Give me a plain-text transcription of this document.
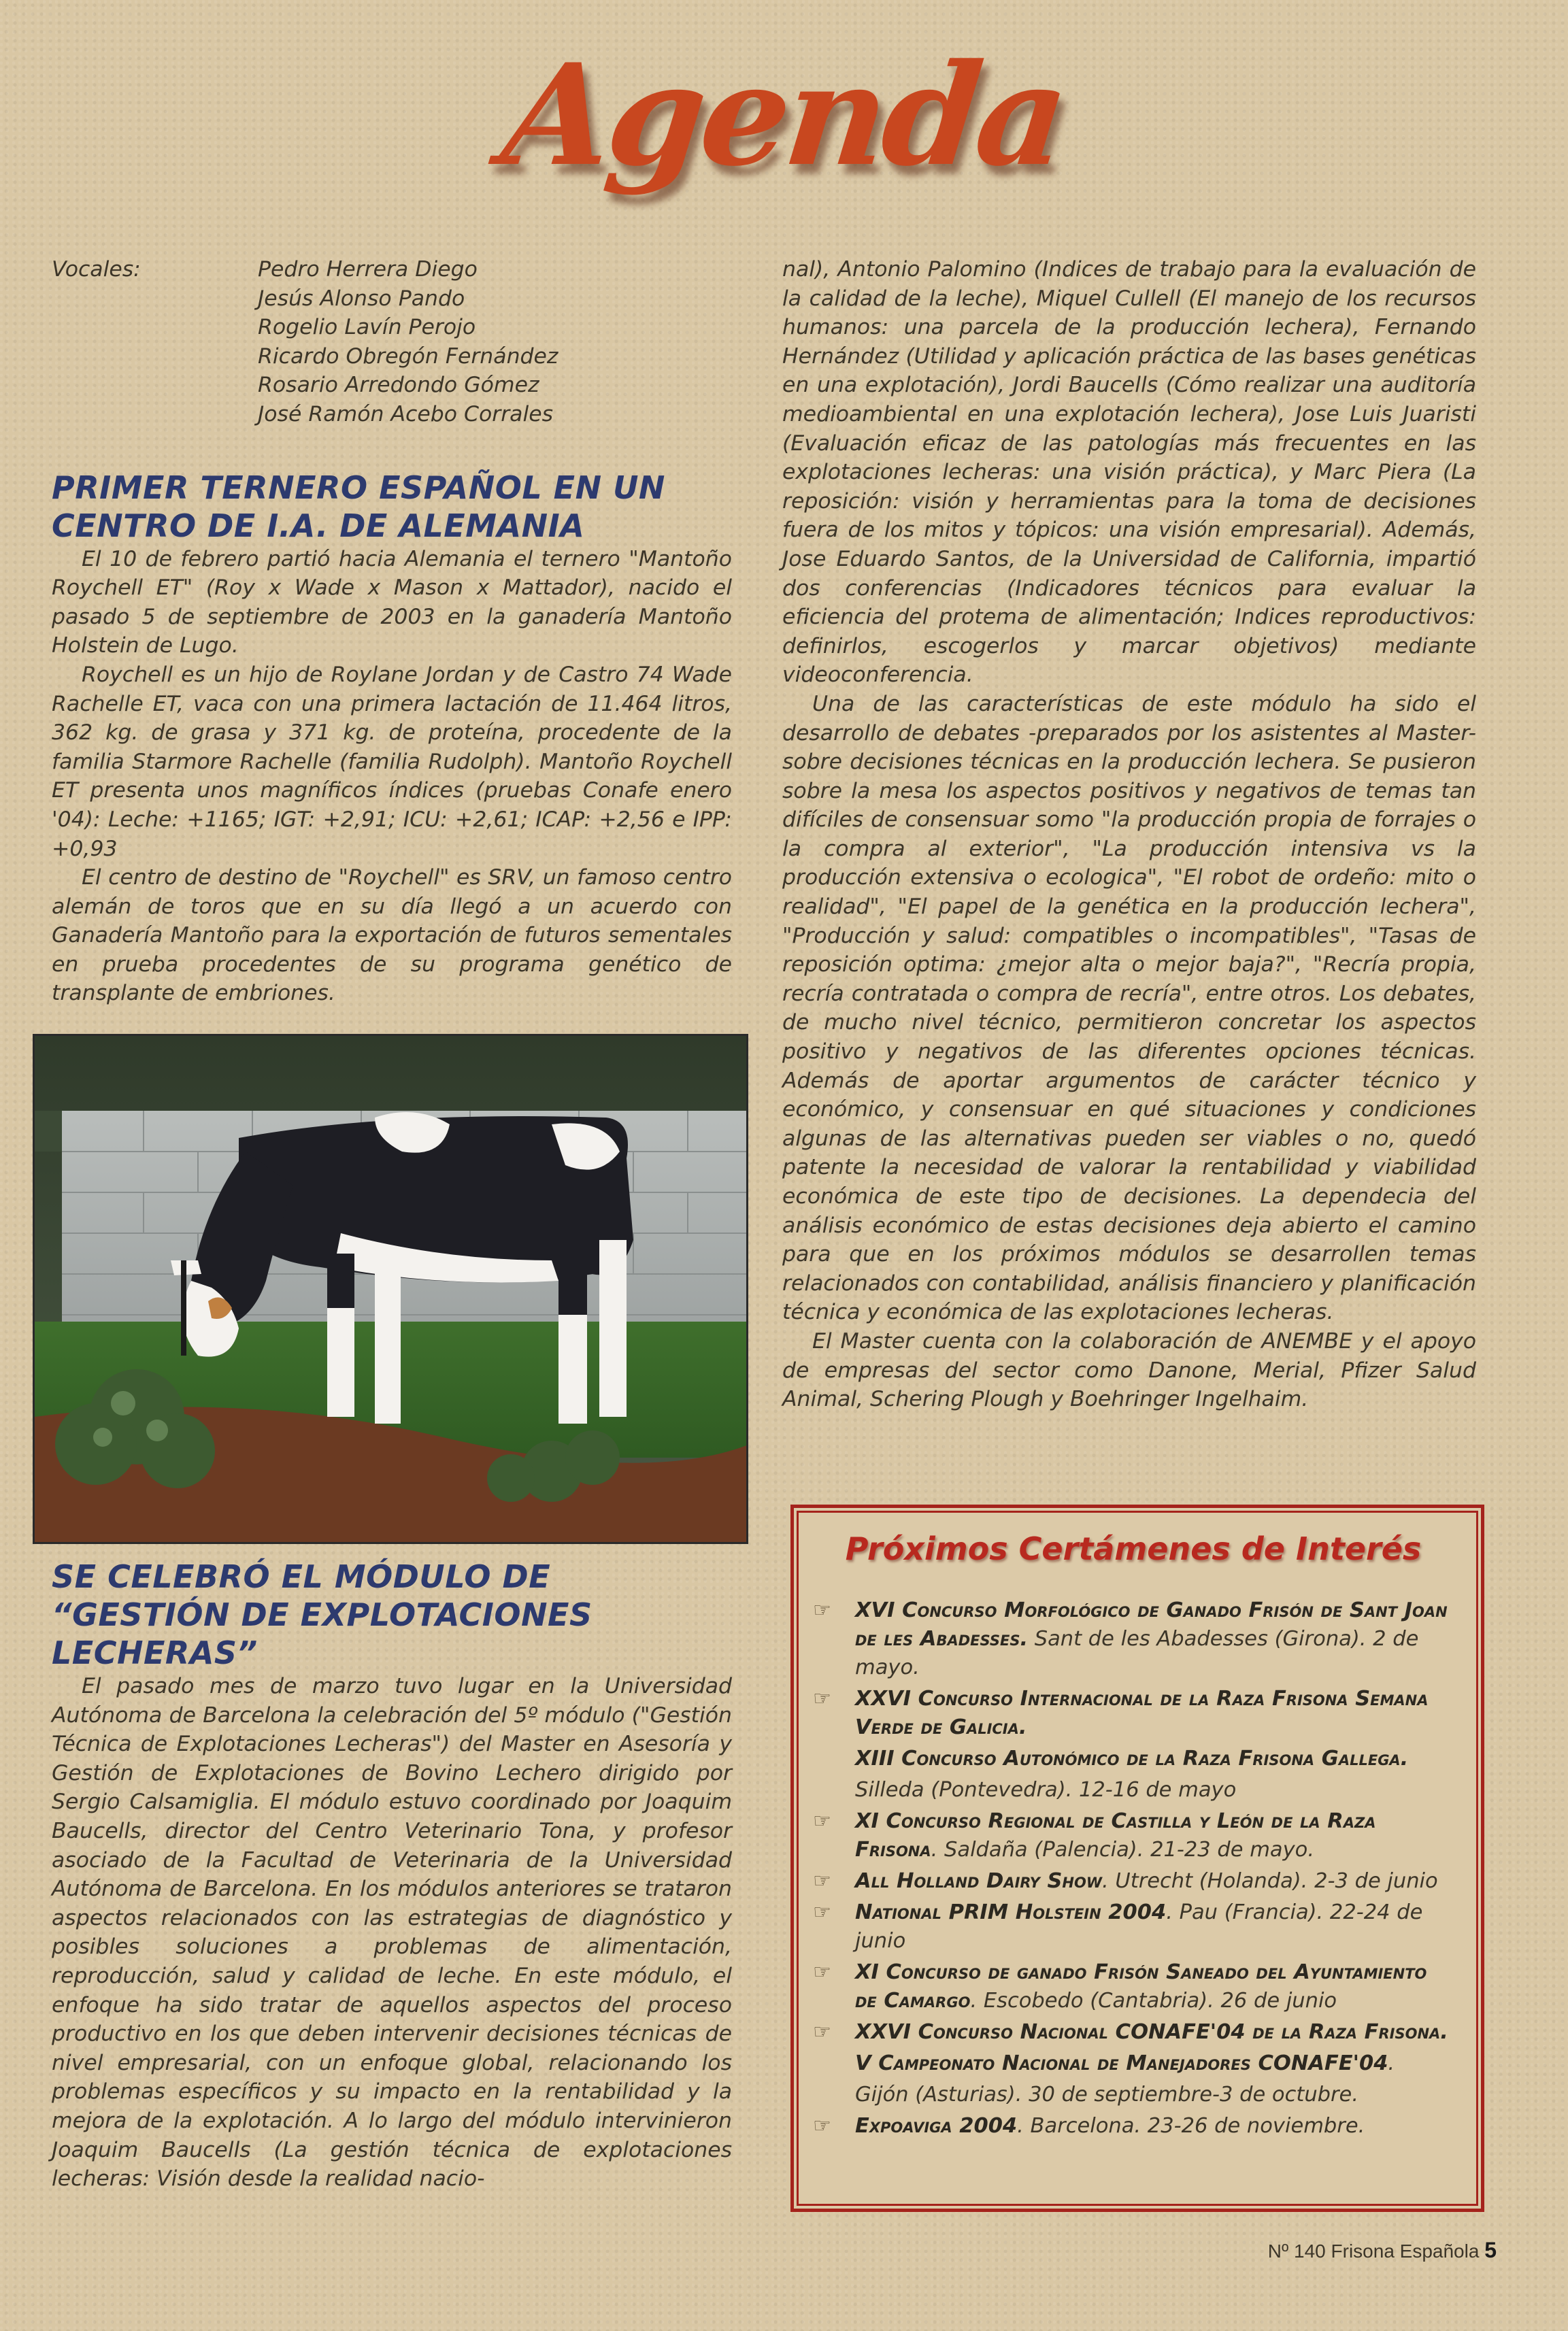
Agenda
Vocales:	Pedro Herrera Diego
Jesús Alonso Pando
Rogelio Lavín Perojo
Ricardo Obregón Fernández
Rosario Arredondo Gómez
José Ramón Acebo Corrales
PRIMER TERNERO ESPAÑOL EN UN
CENTRO DE I.A. DE ALEMANIA

El 10 de febrero partió hacia Alemania el ternero "Mantoño Roychell ET" (Roy x Wade x Mason x Mattador), nacido el pasado 5 de septiembre de 2003 en la ganadería Mantoño Holstein de Lugo.

Roychell es un hijo de Roylane Jordan y de Castro 74 Wade Rachelle ET, vaca con una primera lactación de 11.464 litros, 362 kg. de grasa y 371 kg. de proteína, procedente de la familia Starmore Rachelle (familia Rudolph). Mantoño Roychell ET presenta unos magníficos índices (pruebas Conafe enero '04): Leche: +1165; IGT: +2,91; ICU: +2,61; ICAP: +2,56 e IPP: +0,93

El centro de destino de "Roychell" es SRV, un famoso centro alemán de toros que en su día llegó a un acuerdo con Ganadería Mantoño para la exportación de futuros sementales en prueba procedentes de su programa genético de transplante de embriones.

SE CELEBRÓ EL MÓDULO DE
“GESTIÓN DE EXPLOTACIONES
LECHERAS”

El pasado mes de marzo tuvo lugar en la Universidad Autónoma de Barcelona la celebración del 5º módulo ("Gestión Técnica de Explotaciones Lecheras") del Master en Asesoría y Gestión de Explotaciones de Bovino Lechero dirigido por Sergio Calsamiglia. El módulo estuvo coordinado por Joaquim Baucells, director del Centro Veterinario Tona, y profesor asociado de la Facultad de Veterinaria de la Universidad Autónoma de Barcelona. En los módulos anteriores se trataron aspectos relacionados con las estrategias de diagnóstico y posibles soluciones a problemas de alimentación, reproducción, salud y calidad de leche. En este módulo, el enfoque ha sido tratar de aquellos aspectos del proceso productivo en los que deben intervenir decisiones técnicas de nivel empresarial, con un enfoque global, relacionando los problemas específicos y su impacto en la rentabilidad y la mejora de la explotación. A lo largo del módulo intervinieron Joaquim Baucells (La gestión técnica de explotaciones lecheras: Visión desde la realidad nacio-

nal), Antonio Palomino (Indices de trabajo para la evaluación de la calidad de la leche), Miquel Cullell (El manejo de los recursos humanos: una parcela de la producción lechera), Fernando Hernández (Utilidad y aplicación práctica de las bases genéticas en una explotación), Jordi Baucells (Cómo realizar una auditoría medioambiental en una explotación lechera), Jose Luis Juaristi (Evaluación eficaz de las patologías más frecuentes en las explotaciones lecheras: una visión práctica), y Marc Piera (La reposición: visión y herramientas para la toma de decisiones fuera de los mitos y tópicos: una visión empresarial). Además, Jose Eduardo Santos, de la Universidad de California, impartió dos conferencias (Indicadores técnicos para evaluar la eficiencia del protema de alimentación; Indices reproductivos: definirlos, escogerlos y marcar objetivos) mediante videoconferencia.

Una de las características de este módulo ha sido el desarrollo de debates -preparados por los asistentes al Master- sobre decisiones técnicas en la producción lechera. Se pusieron sobre la mesa los aspectos positivos y negativos de temas tan difíciles de consensuar somo "la producción propia de forrajes o la compra al exterior", "La producción intensiva vs la producción extensiva o ecologica", "El robot de ordeño: mito o realidad", "El papel de la genética en la producción lechera", "Producción y salud: compatibles o incompatibles", "Tasas de reposición optima: ¿mejor alta o mejor baja?", "Recría propia, recría contratada o compra de recría", entre otros. Los debates, de mucho nivel técnico, permitieron concretar los aspectos positivo y negativos de las diferentes opciones técnicas. Además de aportar argumentos de carácter técnico y económico, y consensuar en qué situaciones y condiciones algunas de las alternativas pueden ser viables o no, quedó patente la necesidad de valorar la rentabilidad y viabilidad económica de este tipo de decisiones. La dependecia del análisis económico de estas decisiones deja abierto el camino para que en los próximos módulos se desarrollen temas relacionados con contabilidad, análisis financiero y planificación técnica y económica de las explotaciones lecheras.

El Master cuenta con la colaboración de ANEMBE y el apoyo de empresas del sector como Danone, Merial, Pfizer Salud Animal, Schering Plough y Boehringer Ingelhaim.

Próximos Certámenes de Interés
☞	XVI Concurso Morfológico de Ganado Frisón de Sant Joan de les Abadesses. Sant de les Abadesses (Girona). 2 de mayo.
☞	XXVI Concurso Internacional de la Raza Frisona Semana Verde de Galicia.
XIII Concurso Autonómico de la Raza Frisona Gallega.
Silleda (Pontevedra). 12-16 de mayo
☞	XI Concurso Regional de Castilla y León de la Raza Frisona. Saldaña (Palencia). 21-23 de mayo.
☞	All Holland Dairy Show. Utrecht (Holanda). 2-3 de junio
☞	National PRIM Holstein 2004. Pau (Francia). 22-24 de junio
☞	XI Concurso de ganado Frisón Saneado del Ayuntamiento de Camargo. Escobedo (Cantabria). 26 de junio
☞	XXVI Concurso Nacional CONAFE'04 de la Raza Frisona.
V Campeonato Nacional de Manejadores CONAFE'04.
Gijón (Asturias). 30 de septiembre-3 de octubre.
☞	Expoaviga 2004. Barcelona. 23-26 de noviembre.
Nº 140 Frisona Española 5
